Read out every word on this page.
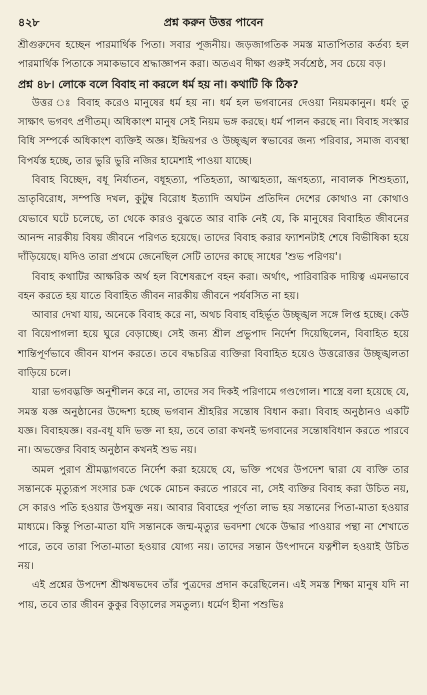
৪২৮	প্রশ্ন করুন উত্তর পাবেন

শ্রীগুরুদেব হচ্ছেন পারমার্থিক পিতা। সবার পূজনীয়। জড়জাগতিক সমস্ত মাতাপিতার কর্তব্য হল পারমার্থিক পিতাকে সমাকভাবে শ্রদ্ধাজ্ঞাপন করা। অতএব দীক্ষা গুরুই সর্বশ্রেষ্ঠ, সব চেয়ে বড়।

প্রশ্ন ৪৮। লোকে বলে বিবাহ না করলে ধর্ম হয় না। কথাটি কি ঠিক?

উত্তর ঃ বিবাহ করেও মানুষের ধর্ম হয় না। ধর্ম হল ভগবানের দেওয়া নিয়মকানুন। ধর্মং তু সাক্ষাৎ ভগবৎ প্রণীতম্। অধিকাংশ মানুষ সেই নিয়ম ভঙ্গ করছে। ধর্ম পালন করছে না। বিবাহ সংস্কার বিধি সম্পর্কে অধিকাংশ ব্যক্তিই অজ্ঞ। ইন্দ্রিয়পর ও উচ্ছৃঙ্খল স্বভাবের জন্য পরিবার, সমাজ ব্যবস্থা বিপর্যস্ত হচ্ছে, তার ভুরি ভুরি নজির হামেশাই পাওয়া যাচ্ছে।

বিবাহ বিচ্ছেদ, বধূ নির্যাতন, বধূহত্যা, পতিহত্যা, আত্মহত্যা, ভ্রূণহত্যা, নাবালক শিশুহত্যা, ভ্রাতৃবিরোধ, সম্পত্তি দখল, কুটুম্ব বিরোধ ইত্যাদি অঘটন প্রতিদিন দেশের কোথাও না কোথাও যেভাবে ঘটে চলেছে, তা থেকে কারও বুঝতে আর বাকি নেই যে, কি মানুষের বিবাহিত জীবনের আনন্দ নারকীয় বিষয় জীবনে পরিণত হয়েছে। তাদের বিবাহ করার ফ্যাশনটাই শেষে বিভীষিকা হয়ে দাঁড়িয়েছে। যদিও তারা প্রথমে জেনেছিল সেটি তাদের কাছে সাধের 'শুভ পরিণয়'।

বিবাহ কথাটির আক্ষরিক অর্থ হল বিশেষরূপে বহন করা। অর্থাৎ, পারিবারিক দায়িত্ব এমনভাবে বহন করতে হয় যাতে বিবাহিত জীবন নারকীয় জীবনে পর্যবসিত না হয়।

আবার দেখা যায়, অনেকে বিবাহ করে না, অথচ বিবাহ বহির্ভূত উচ্ছৃঙ্খল সঙ্গে লিপ্ত হচ্ছে। কেউ বা বিয়েপাগলা হয়ে ঘুরে বেড়াচ্ছে। সেই জন্য শ্রীল প্রভুপাদ নির্দেশ দিয়েছিলেন, বিবাহিত হয়ে শান্তিপূর্ণভাবে জীবন যাপন করতে। তবে বদ্ধচরিত্র ব্যক্তিরা বিবাহিত হয়েও উত্তরোত্তর উচ্ছৃঙ্খলতা বাড়িয়ে চলে।

যারা ভগবদ্ভক্তি অনুশীলন করে না, তাদের সব দিকই পরিণামে গণ্ডগোল। শাস্ত্রে বলা হয়েছে যে, সমস্ত যজ্ঞ অনুষ্ঠানের উদ্দেশ্য হচ্ছে ভগবান শ্রীহরির সন্তোষ বিধান করা। বিবাহ অনুষ্ঠানও একটি যজ্ঞ। বিবাহযজ্ঞ। বর-বধূ যদি ভক্ত না হয়, তবে তারা কখনই ভগবানের সন্তোষবিধান করতে পারবে না। অভক্তের বিবাহ অনুষ্ঠান কখনই শুভ নয়।

অমল পুরাণ শ্রীমদ্ভাগবতে নির্দেশ করা হয়েছে যে, ভক্তি পথের উপদেশ দ্বারা যে ব্যক্তি তার সন্তানকে মৃত্যুরূপ সংসার চক্র থেকে মোচন করতে পারবে না, সেই ব্যক্তির বিবাহ করা উচিত নয়, সে কারও পতি হওয়ার উপযুক্ত নয়। আবার বিবাহের পূর্ণতা লাভ হয় সন্তানের পিতা-মাতা হওয়ার মাধ্যমে। কিন্তু পিতা-মাতা যদি সন্তানকে জন্ম-মৃত্যুর ভবদশা থেকে উদ্ধার পাওয়ার পন্থা না শেখাতে পারে, তবে তারা পিতা-মাতা হওয়ার যোগ্য নয়। তাদের সন্তান উৎপাদনে যত্নশীল হওয়াই উচিত নয়।

এই প্রশ্নের উপদেশ শ্রীঋষভদেব তাঁর পুত্রদের প্রদান করেছিলেন। এই সমস্ত শিক্ষা মানুষ যদি না পায়, তবে তার জীবন কুকুর বিড়ালের সমতুল্য। ধর্মেণ হীনা পশুভিঃ
